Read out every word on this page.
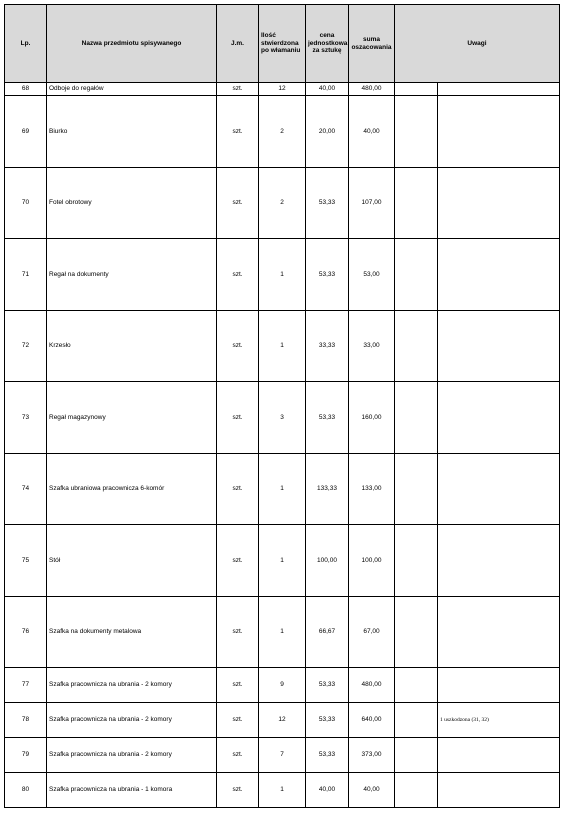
Lp.	Nazwa przedmiotu spisywanego	J.m.	Ilość stwierdzona po włamaniu	cena jednostkowa za sztukę	suma oszacowania	Uwagi	
68	Odboje do regałów	szt.	12	40,00	480,00		
69	Biurko	szt.	2	20,00	40,00		
70	Fotel obrotowy	szt.	2	53,33	107,00		
71	Regał na dokumenty	szt.	1	53,33	53,00		
72	Krzesło	szt.	1	33,33	33,00		
73	Regał magazynowy	szt.	3	53,33	160,00		
74	Szafka ubraniowa pracownicza 6-komór	szt.	1	133,33	133,00		
75	Stół	szt.	1	100,00	100,00		
76	Szafka na dokumenty metalowa	szt.	1	66,67	67,00		
77	Szafka pracownicza na ubrania - 2 komory	szt.	9	53,33	480,00		
78	Szafka pracownicza na ubrania - 2 komory	szt.	12	53,33	640,00		1 uszkodzona (31, 32)
79	Szafka pracownicza na ubrania - 2 komory	szt.	7	53,33	373,00		
80	Szafka pracownicza na ubrania - 1 komora	szt.	1	40,00	40,00		
